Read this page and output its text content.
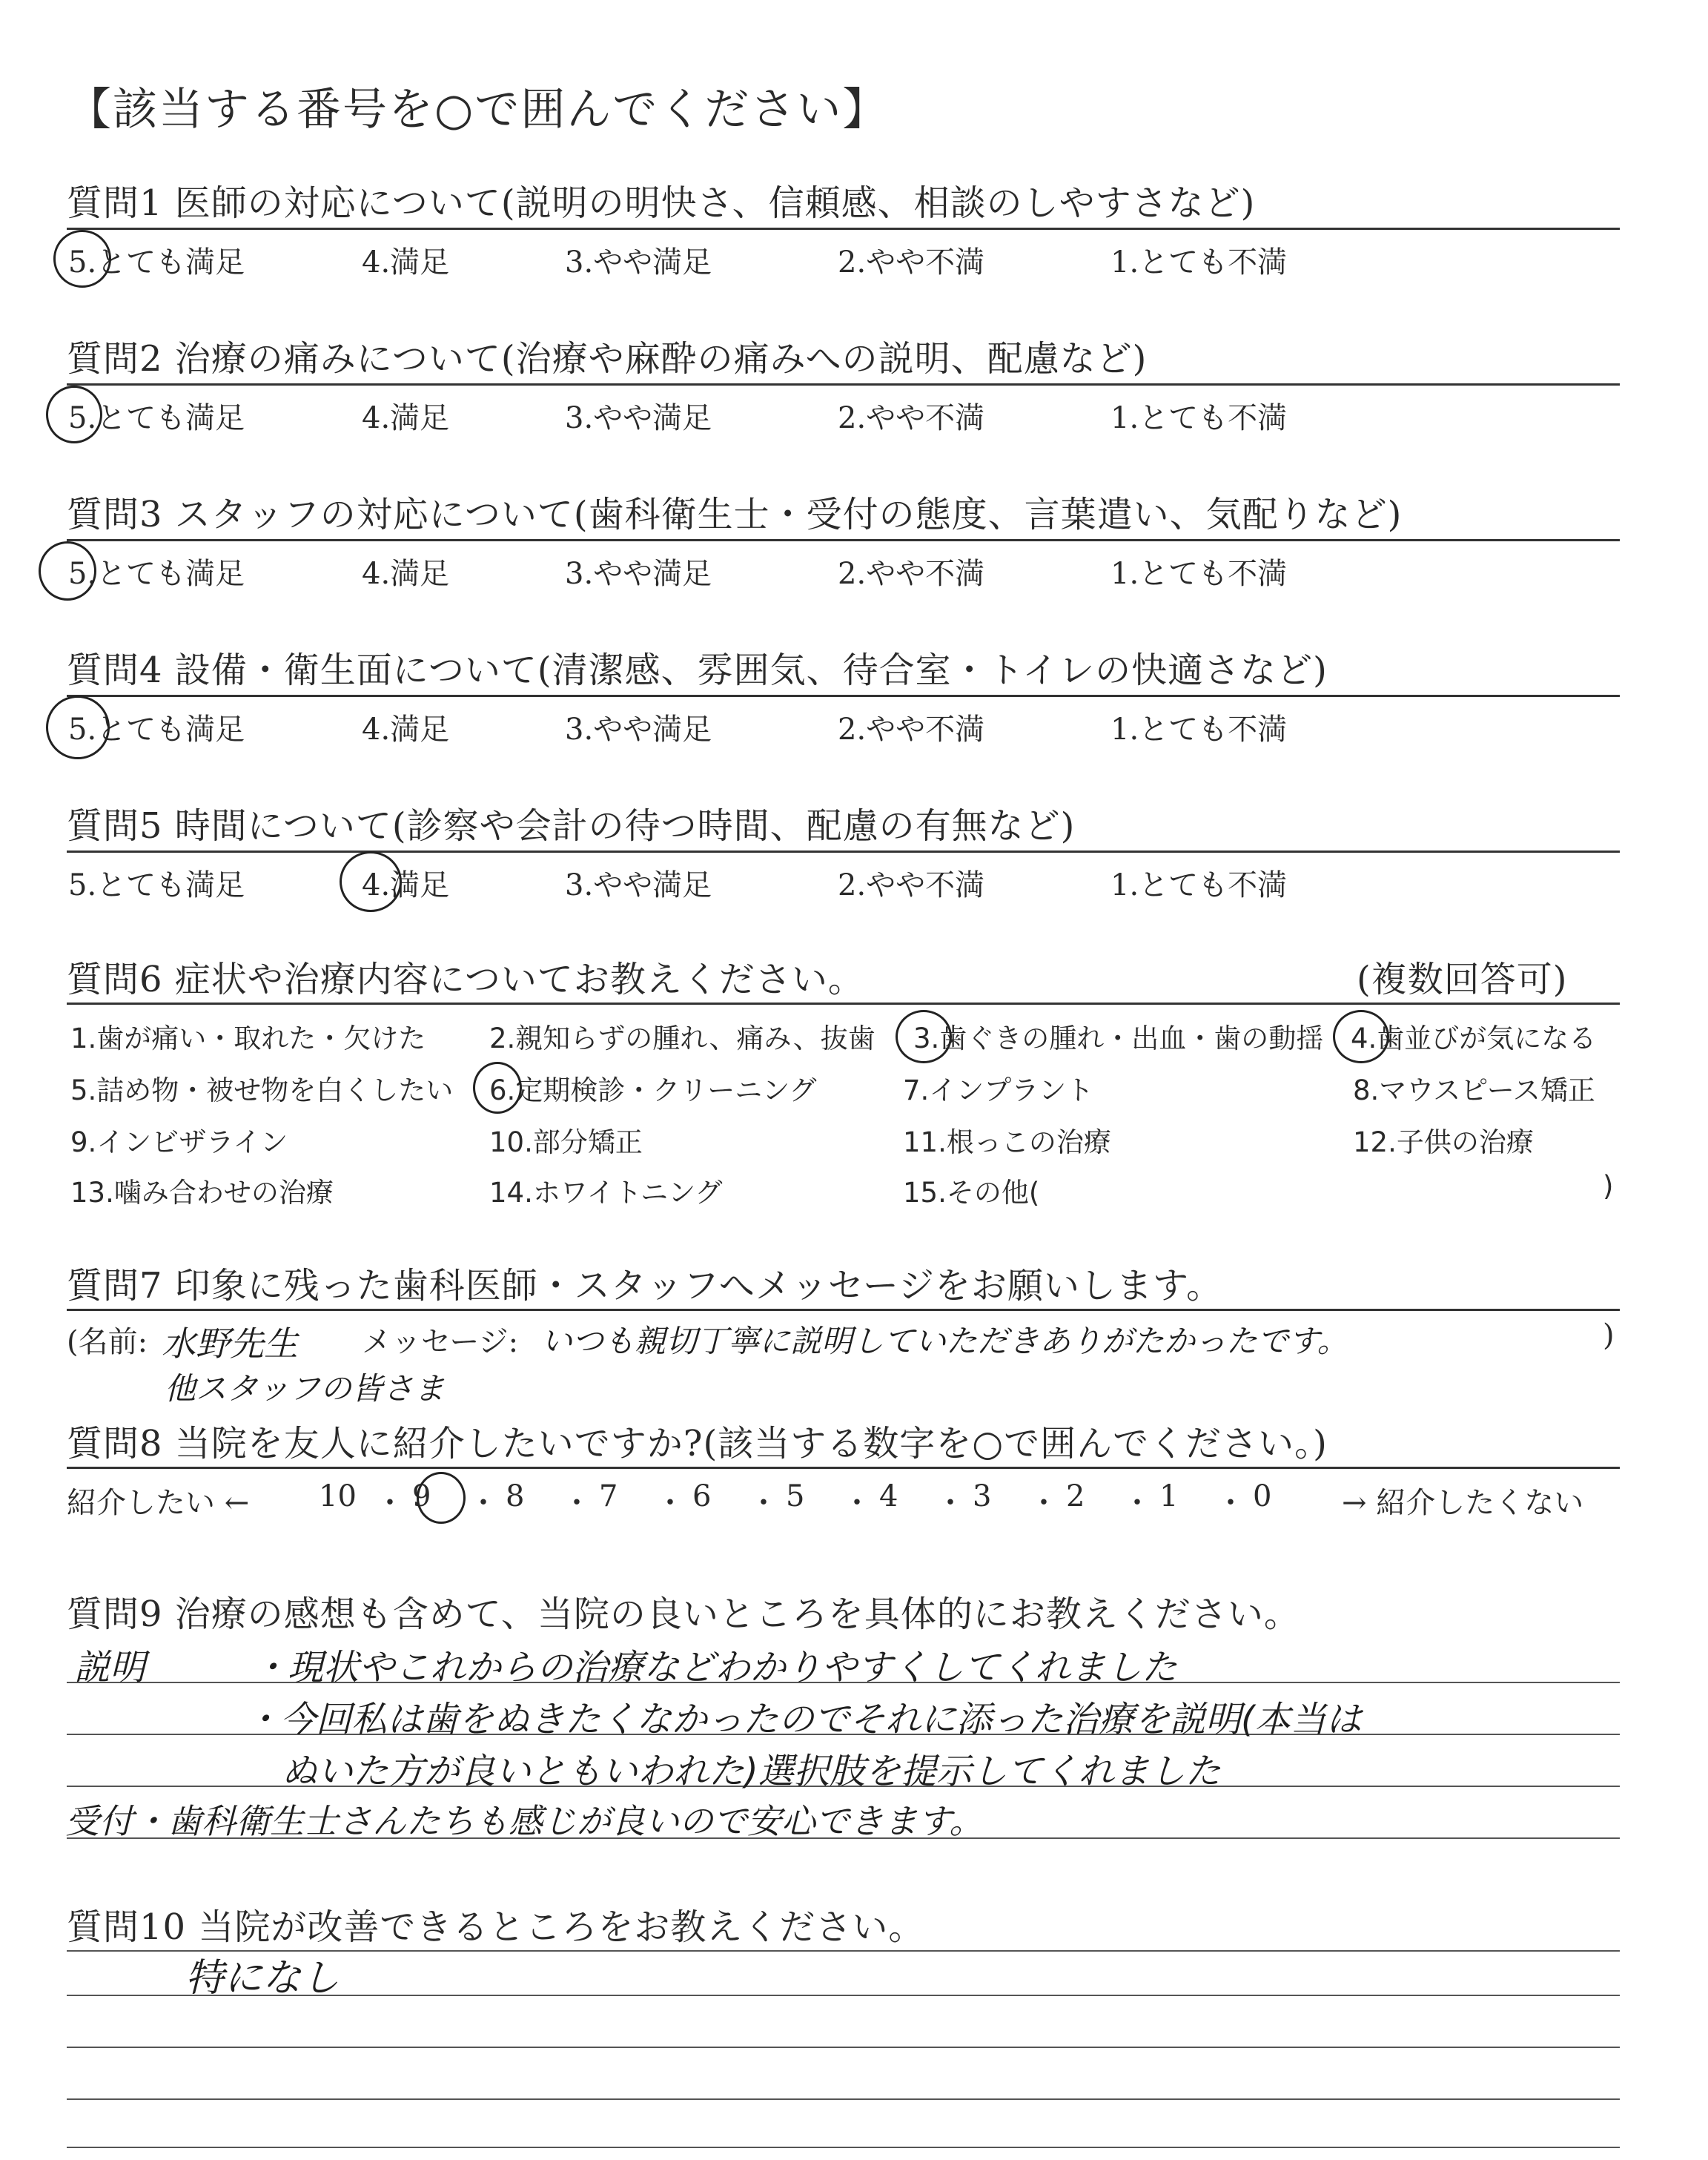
【該当する番号を○で囲んでください】
質問1 医師の対応について(説明の明快さ、信頼感、相談のしやすさなど)
5.とても満足	4.満足	3.やや満足	2.やや不満	1.とても不満
質問2 治療の痛みについて(治療や麻酔の痛みへの説明、配慮など)
5.とても満足	4.満足	3.やや満足	2.やや不満	1.とても不満
質問3 スタッフの対応について(歯科衛生士・受付の態度、言葉遣い、気配りなど)
5.とても満足	4.満足	3.やや満足	2.やや不満	1.とても不満
質問4 設備・衛生面について(清潔感、雰囲気、待合室・トイレの快適さなど)
5.とても満足	4.満足	3.やや満足	2.やや不満	1.とても不満
質問5 時間について(診察や会計の待つ時間、配慮の有無など)
5.とても満足	4.満足	3.やや満足	2.やや不満	1.とても不満
質問6 症状や治療内容についてお教えください。	(複数回答可)
1.歯が痛い・取れた・欠けた 2.親知らずの腫れ、痛み、抜歯 3.歯ぐきの腫れ・出血・歯の動揺 4.歯並びが気になる
5.詰め物・被せ物を白くしたい 6.定期検診・クリーニング	7.インプラント	8.マウスピース矯正
9.インビザライン	10.部分矯正	11.根っこの治療	12.子供の治療
13.噛み合わせの治療	14.ホワイトニング	15.その他(	)
質問7 印象に残った歯科医師・スタッフへメッセージをお願いします。
(名前: 水野先生 メッセージ: いつも親切丁寧に説明していただきありがたかったです。	)
他スタッフの皆さま
質問8 当院を友人に紹介したいですか?(該当する数字を○で囲んでください。)
紹介したい ← 10 ・ 9 ・ 8 ・ 7 ・ 6 ・ 5 ・ 4 ・ 3 ・ 2 ・ 1 ・ 0 → 紹介したくない
質問9 治療の感想も含めて、当院の良いところを具体的にお教えください。
説明	・現状やこれからの治療などわかりやすくしてくれました
・今回私は歯をぬきたくなかったのでそれに添った治療を説明(本当は
ぬいた方が良いともいわれた)選択肢を提示してくれました
受付・歯科衛生士さんたちも感じが良いので安心できます。
質問10 当院が改善できるところをお教えください。
特になし
